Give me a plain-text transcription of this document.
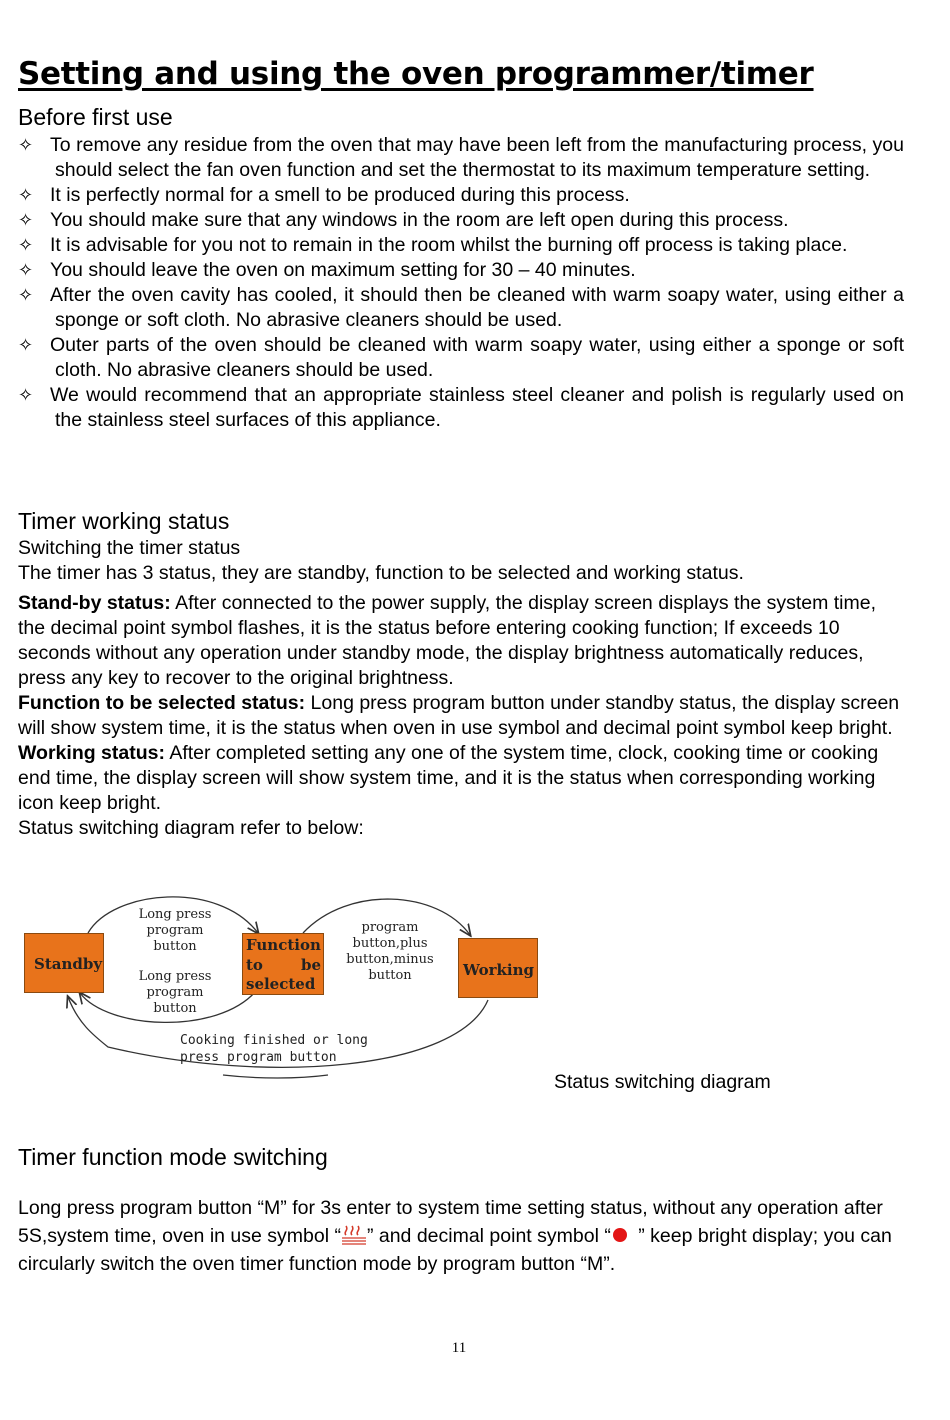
Setting and using the oven programmer/timer
Before first use
✧ To remove any residue from the oven that may have been left from the manufacturing process, you should select the fan oven function and set the thermostat to its maximum temperature setting.
✧ It is perfectly normal for a smell to be produced during this process.
✧ You should make sure that any windows in the room are left open during this process.
✧ It is advisable for you not to remain in the room whilst the burning off process is taking place.
✧ You should leave the oven on maximum setting for 30 – 40 minutes.
✧ After the oven cavity has cooled, it should then be cleaned with warm soapy water, using either a sponge or soft cloth. No abrasive cleaners should be used.
✧ Outer parts of the oven should be cleaned with warm soapy water, using either a sponge or soft cloth. No abrasive cleaners should be used.
✧ We would recommend that an appropriate stainless steel cleaner and polish is regularly used on the stainless steel surfaces of this appliance.
Timer working status

Switching the timer status

The timer has 3 status, they are standby, function to be selected and working status.

Stand-by status: After connected to the power supply, the display screen displays the system time, the decimal point symbol flashes, it is the status before entering cooking function; If exceeds 10 seconds without any operation under standby mode, the display brightness automatically reduces, press any key to recover to the original brightness.

Function to be selected status: Long press program button under standby status, the display screen will show system time, it is the status when oven in use symbol and decimal point symbol keep bright.

Working status: After completed setting any one of the system time, clock, cooking time or cooking end time, the display screen will show system time, and it is the status when corresponding working icon keep bright.

Status switching diagram refer to below:

Standby
Function
to	be
selected
Working
Long press
program
button
Long press
program
button
program
button,plus
button,minus
button
Cooking finished or long
press program button
Status switching diagram
Timer function mode switching
Long press program button “M” for 3s enter to system time setting status, without any operation after 5S,system time, oven in use symbol “ ” and decimal point symbol “ ” keep bright display; you can circularly switch the oven timer function mode by program button “M”.
11
